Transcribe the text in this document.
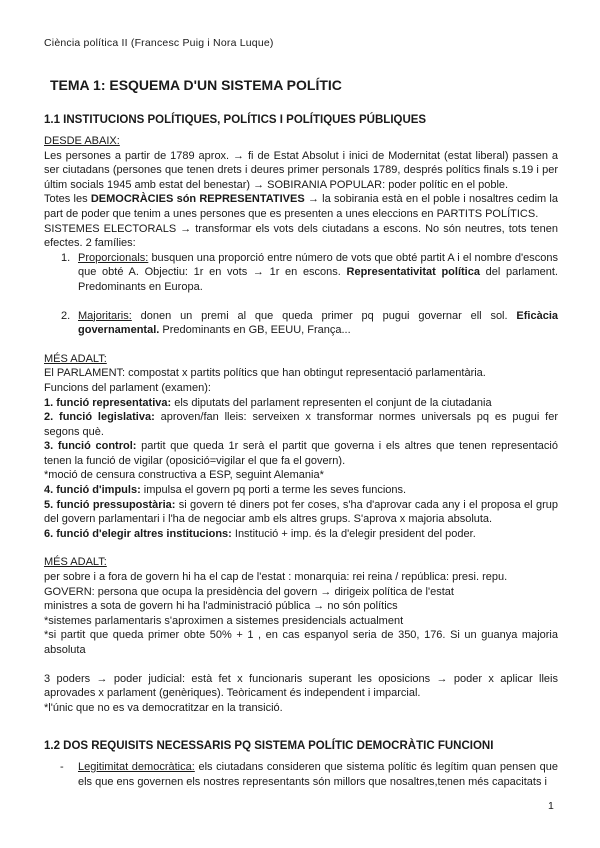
Ciència política II (Francesc Puig i Nora Luque)
TEMA 1: ESQUEMA D'UN SISTEMA POLÍTIC
1.1 INSTITUCIONS POLÍTIQUES, POLÍTICS I POLÍTIQUES PÚBLIQUES
DESDE ABAIX:
Les persones a partir de 1789 aprox. → fi de Estat Absolut i inici de Modernitat (estat liberal) passen a ser ciutadans (persones que tenen drets i deures primer personals 1789, després polítics finals s.19 i per últim socials 1945 amb estat del benestar) → SOBIRANIA POPULAR: poder polític en el poble.
Totes les DEMOCRÀCIES són REPRESENTATIVES → la sobirania està en el poble i nosaltres cedim la part de poder que tenim a unes persones que es presenten a unes eleccions en PARTITS POLÍTICS.
SISTEMES ELECTORALS → transformar els vots dels ciutadans a escons. No són neutres, tots tenen efectes. 2 famílies:
1. Proporcionals: busquen una proporció entre número de vots que obté partit A i el nombre d'escons que obté A. Objectiu: 1r en vots → 1r en escons. Representativitat política del parlament. Predominants en Europa.
2. Majoritaris: donen un premi al que queda primer pq pugui governar ell sol. Eficàcia governamental. Predominants en GB, EEUU, França...
MÉS ADALT:
El PARLAMENT: compostat x partits polítics que han obtingut representació parlamentària.
Funcions del parlament (examen):
1. funció representativa: els diputats del parlament representen el conjunt de la ciutadania
2. funció legislativa: aproven/fan lleis: serveixen x transformar normes universals pq es pugui fer segons què.
3. funció control: partit que queda 1r serà el partit que governa i els altres que tenen representació tenen la funció de vigilar (oposició=vigilar el que fa el govern).
*moció de censura constructiva a ESP, seguint Alemania*
4. funció d'impuls: impulsa el govern pq porti a terme les seves funcions.
5. funció pressupostària: si govern té diners pot fer coses, s'ha d'aprovar cada any i el proposa el grup del govern parlamentari i l'ha de negociar amb els altres grups. S'aprova x majoria absoluta.
6. funció d'elegir altres institucions: Institució + imp. és la d'elegir president del poder.
MÉS ADALT:
per sobre i a fora de govern hi ha el cap de l'estat : monarquia: rei reina / república: presi. repu.
GOVERN: persona que ocupa la presidència del govern → dirigeix política de l'estat
ministres a sota de govern hi ha l'administració pública → no són polítics
*sistemes parlamentaris s'aproximen a sistemes presidencials actualment
*si partit que queda primer obte 50% + 1 , en cas espanyol seria de 350, 176. Si un guanya majoria absoluta
3 poders → poder judicial: està fet x funcionaris superant les oposicions → poder x aplicar lleis aprovades x parlament (genèriques). Teòricament és independent i imparcial.
*l'únic que no es va democratitzar en la transició.
1.2 DOS REQUISITS NECESSARIS PQ SISTEMA POLÍTIC DEMOCRÀTIC FUNCIONI
- Legitimitat democràtica: els ciutadans consideren que sistema polític és legítim quan pensen que els que ens governen els nostres representants són millors que nosaltres,tenen més capacitats i
1
